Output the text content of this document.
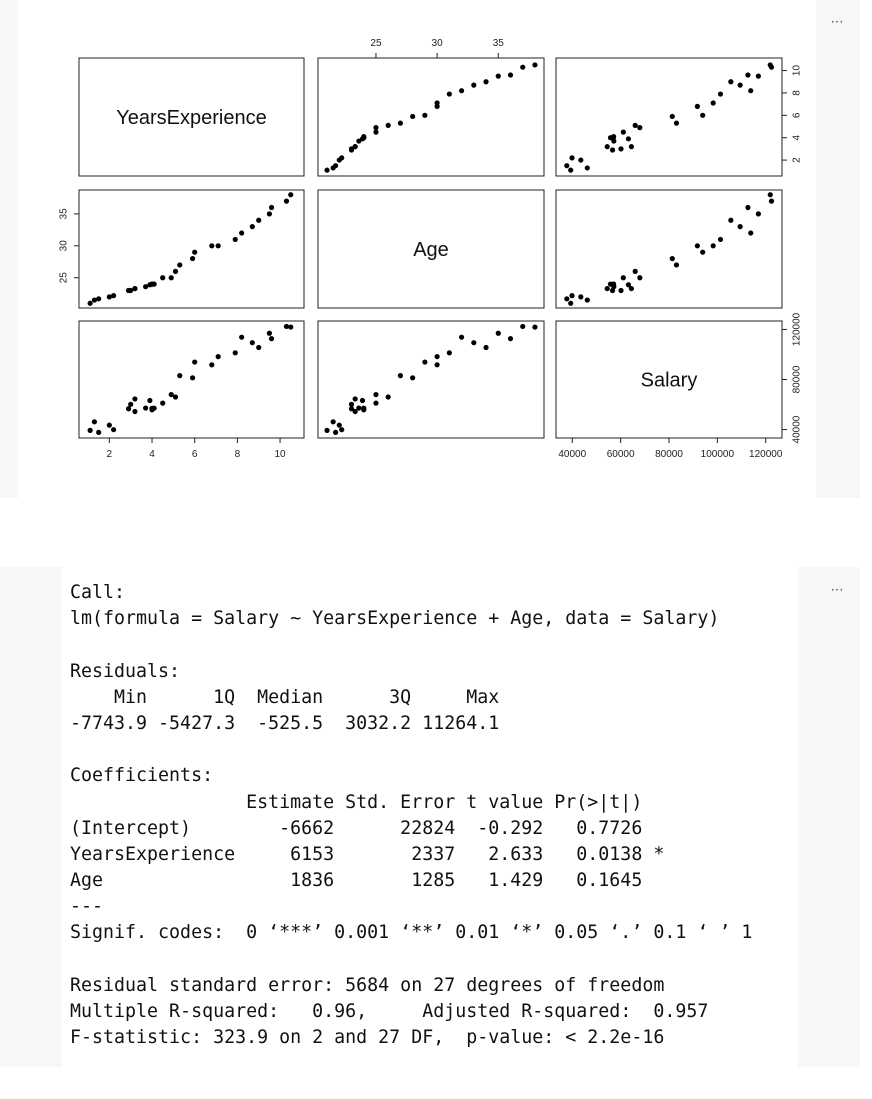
⋯
YearsExperience
Age
Salary
25	30	35
2	4	6	8	10	40000 60000 80000 100000 120000
25
30
35
2
4
6
8
10
40000
80000
120000
⋯
Call:
lm(formula = Salary ~ YearsExperience + Age, data = Salary)
Residuals:
Min      1Q  Median      3Q     Max
-7743.9 -5427.3  -525.5  3032.2 11264.1
Coefficients:
Estimate Std. Error t value Pr(>|t|)
(Intercept)        -6662      22824  -0.292   0.7726
YearsExperience     6153       2337   2.633   0.0138 *
Age                 1836       1285   1.429   0.1645
---
Signif. codes:  0 ‘***’ 0.001 ‘**’ 0.01 ‘*’ 0.05 ‘.’ 0.1 ‘ ’ 1
Residual standard error: 5684 on 27 degrees of freedom
Multiple R-squared:   0.96,	Adjusted R-squared:  0.957
F-statistic: 323.9 on 2 and 27 DF,  p-value: < 2.2e-16
